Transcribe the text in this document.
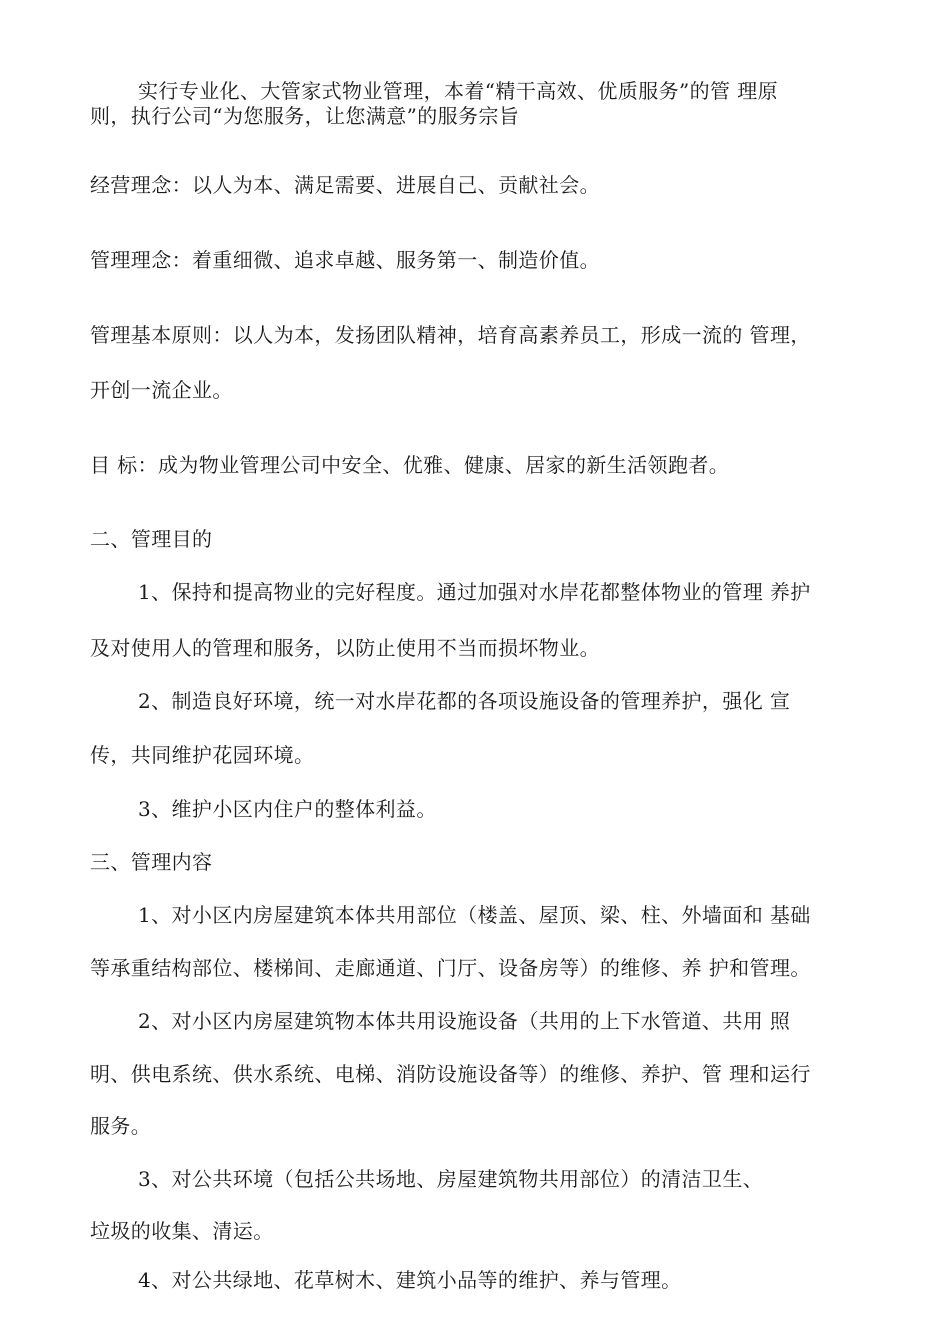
实行专业化、大管家式物业管理，本着“精干高效、优质服务”的管 理原
则，执行公司“为您服务，让您满意”的服务宗旨
经营理念：以人为本、满足需要、进展自己、贡献社会。
管理理念：着重细微、追求卓越、服务第一、制造价值。
管理基本原则：以人为本，发扬团队精神，培育高素养员工，形成一流的 管理，
开创一流企业。
目 标：成为物业管理公司中安全、优雅、健康、居家的新生活领跑者。
二、管理目的
1、保持和提高物业的完好程度。通过加强对水岸花都整体物业的管理 养护
及对使用人的管理和服务，以防止使用不当而损坏物业。
2、制造良好环境，统一对水岸花都的各项设施设备的管理养护，强化 宣
传，共同维护花园环境。
3、维护小区内住户的整体利益。
三、管理内容
1、对小区内房屋建筑本体共用部位（楼盖、屋顶、梁、柱、外墙面和 基础
等承重结构部位、楼梯间、走廊通道、门厅、设备房等）的维修、养 护和管理。
2、对小区内房屋建筑物本体共用设施设备（共用的上下水管道、共用 照
明、供电系统、供水系统、电梯、消防设施设备等）的维修、养护、管 理和运行
服务。
3、对公共环境（包括公共场地、房屋建筑物共用部位）的清洁卫生、
垃圾的收集、清运。
4、对公共绿地、花草树木、建筑小品等的维护、养与管理。
